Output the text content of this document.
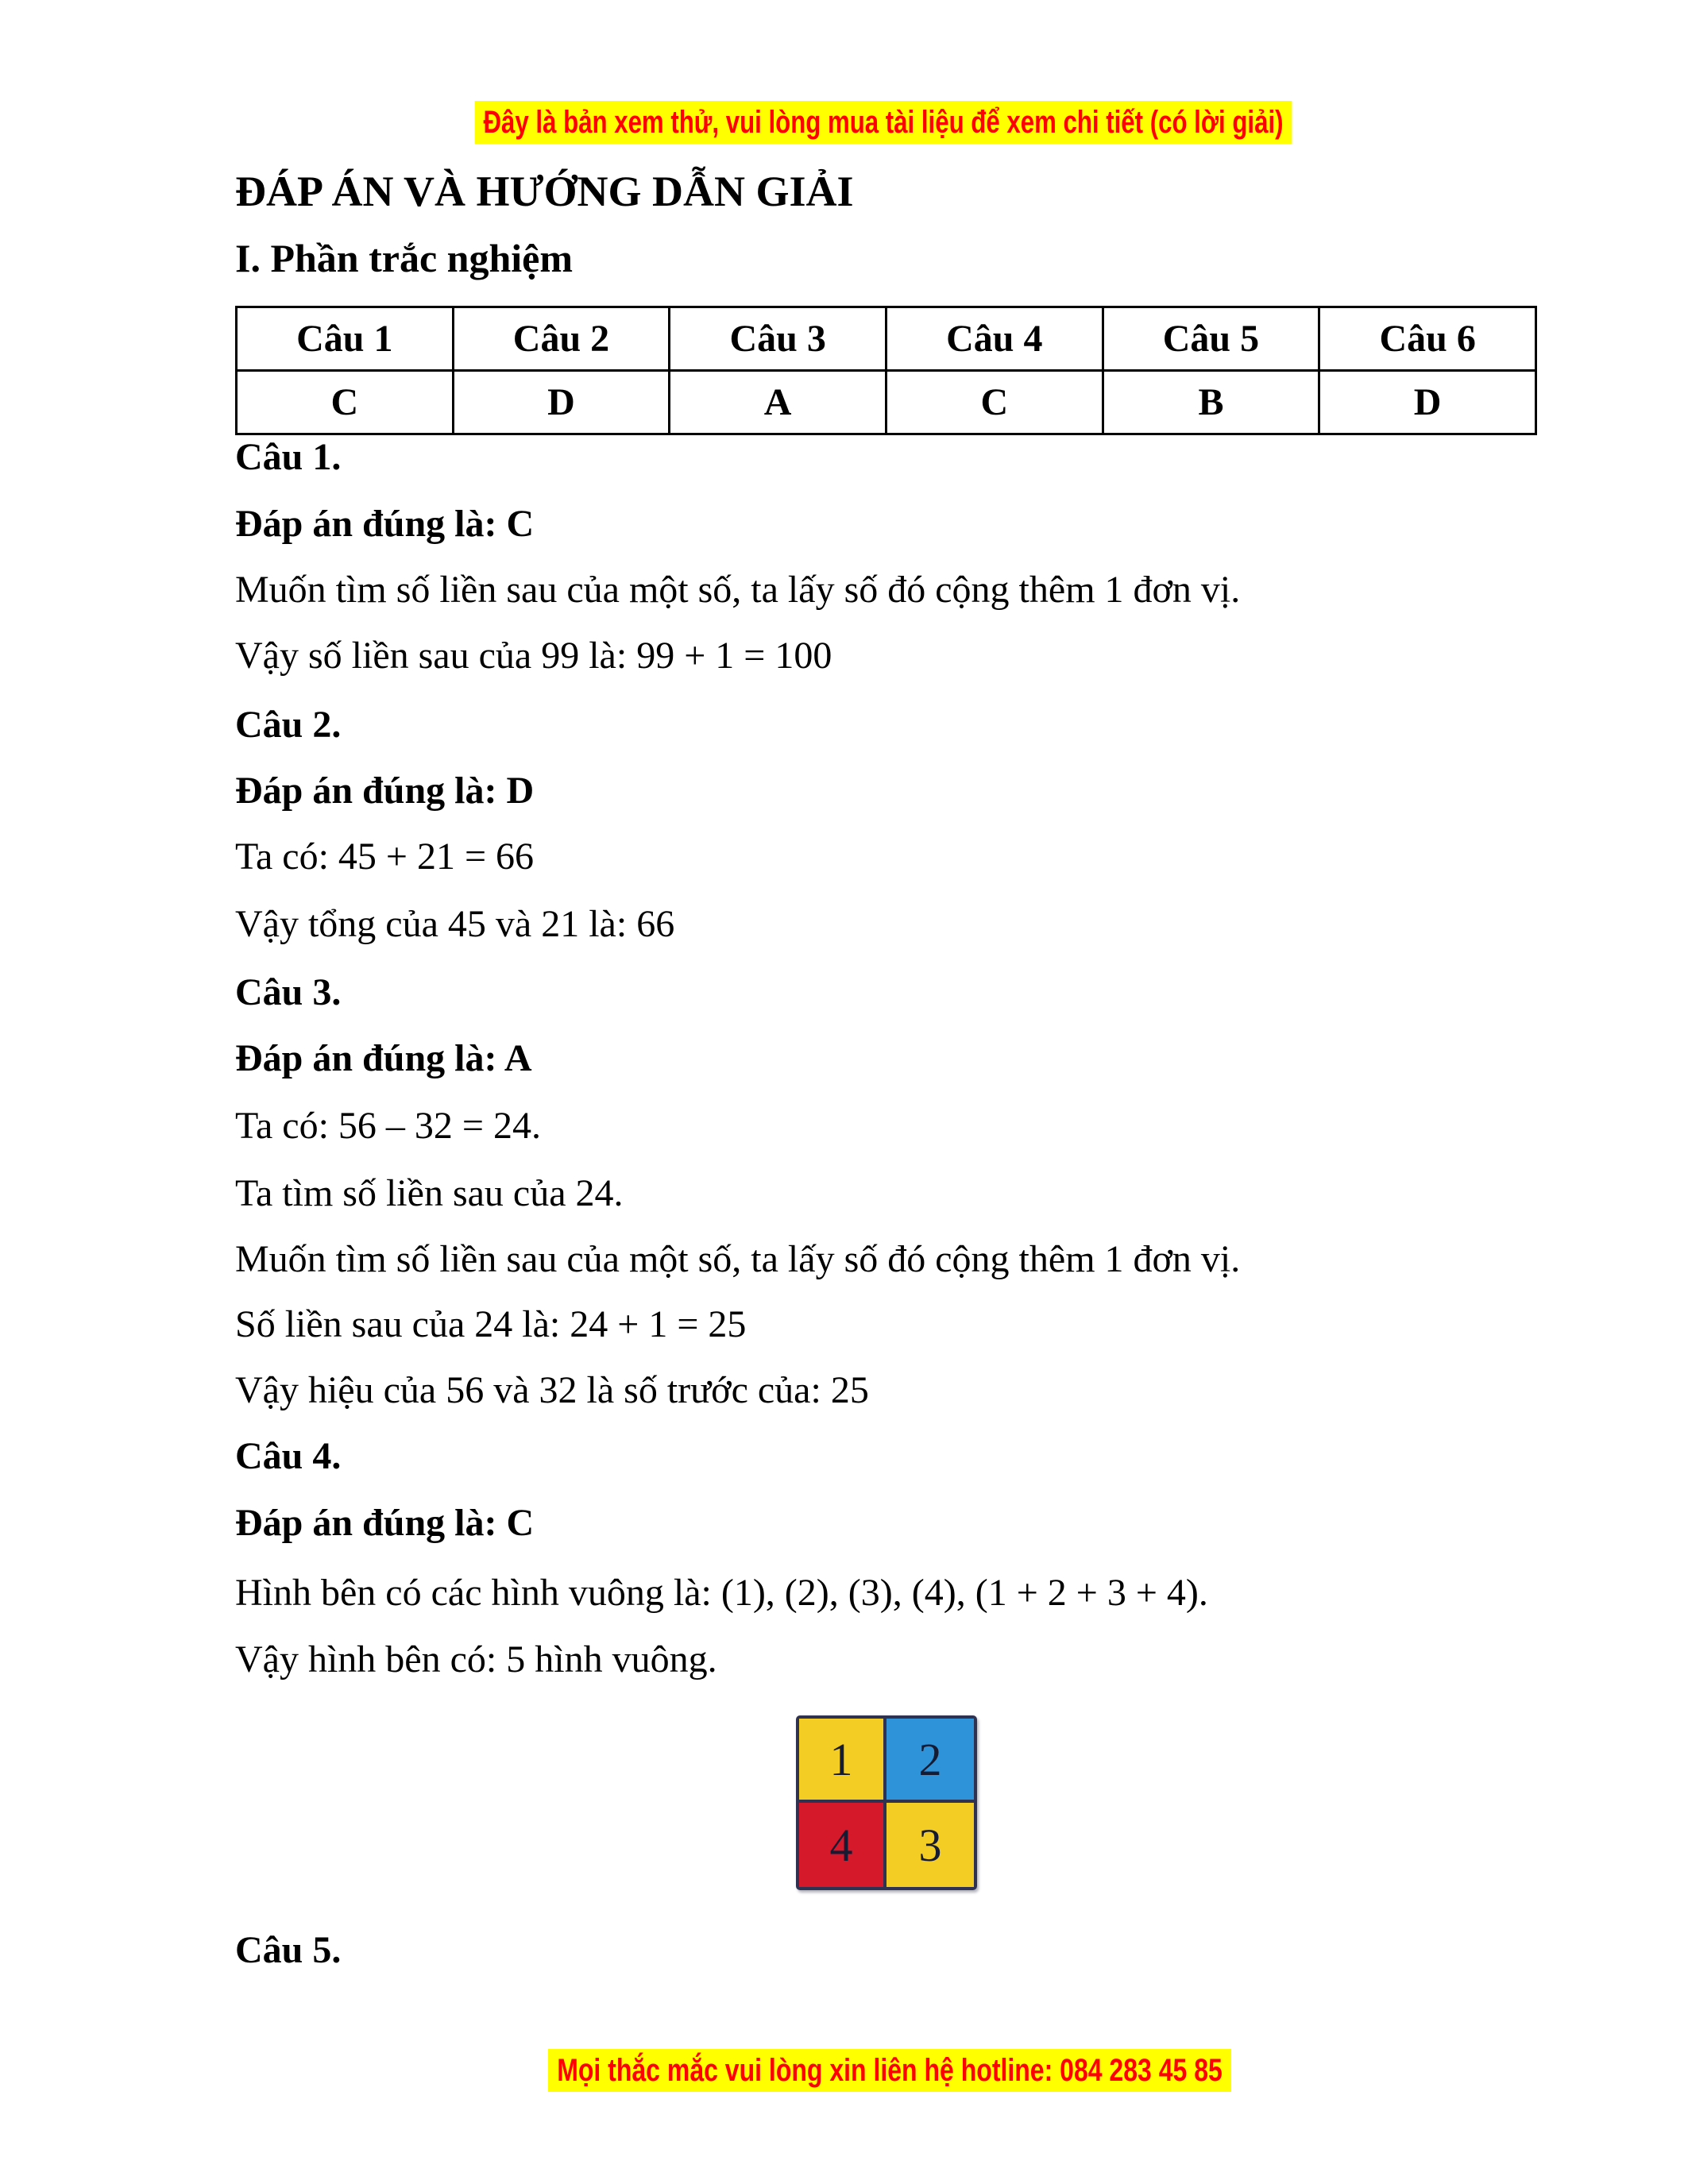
Đây là bản xem thử, vui lòng mua tài liệu để xem chi tiết (có lời giải)
ĐÁP ÁN VÀ HƯỚNG DẪN GIẢI
I. Phần trắc nghiệm
Câu 1	Câu 2	Câu 3	Câu 4	Câu 5	Câu 6
C	D	A	C	B	D

Câu 1.

Đáp án đúng là: C

Muốn tìm số liền sau của một số, ta lấy số đó cộng thêm 1 đơn vị.

Vậy số liền sau của 99 là: 99 + 1 = 100

Câu 2.

Đáp án đúng là: D

Ta có: 45 + 21 = 66

Vậy tổng của 45 và 21 là: 66

Câu 3.

Đáp án đúng là: A

Ta có: 56 – 32 = 24.

Ta tìm số liền sau của 24.

Muốn tìm số liền sau của một số, ta lấy số đó cộng thêm 1 đơn vị.

Số liền sau của 24 là: 24 + 1 = 25

Vậy hiệu của 56 và 32 là số trước của: 25

Câu 4.

Đáp án đúng là: C

Hình bên có các hình vuông là: (1), (2), (3), (4), (1 + 2 + 3 + 4).

Vậy hình bên có: 5 hình vuông.

1 2
4 3

Câu 5.

Mọi thắc mắc vui lòng xin liên hệ hotline: 084 283 45 85
